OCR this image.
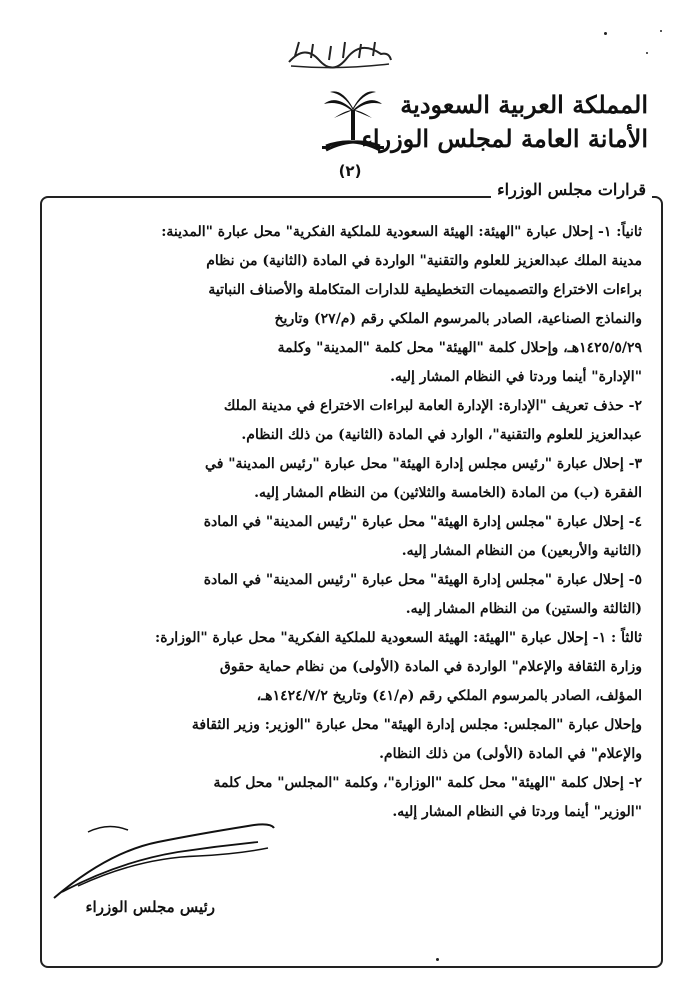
(٢)
المملكة العربية السعودية
الأمانة العامة لمجلس الوزراء
قرارات مجلس الوزراء
ثانياً: ١- إحلال عبارة "الهيئة: الهيئة السعودية للملكية الفكرية" محل عبارة "المدينة:
مدينة الملك عبدالعزيز للعلوم والتقنية" الواردة في المادة (الثانية) من نظام
براءات الاختراع والتصميمات التخطيطية للدارات المتكاملة والأصناف النباتية
والنماذج الصناعية، الصادر بالمرسوم الملكي رقم (م/٢٧) وتاريخ
١٤٢٥/٥/٢٩هـ، وإحلال كلمة "الهيئة" محل كلمة "المدينة" وكلمة
"الإدارة" أينما وردتا في النظام المشار إليه.
٢- حذف تعريف "الإدارة: الإدارة العامة لبراءات الاختراع في مدينة الملك
عبدالعزيز للعلوم والتقنية"، الوارد في المادة (الثانية) من ذلك النظام.
٣- إحلال عبارة "رئيس مجلس إدارة الهيئة" محل عبارة "رئيس المدينة" في
الفقرة (ب) من المادة (الخامسة والثلاثين) من النظام المشار إليه.
٤- إحلال عبارة "مجلس إدارة الهيئة" محل عبارة "رئيس المدينة" في المادة
(الثانية والأربعين) من النظام المشار إليه.
٥- إحلال عبارة "مجلس إدارة الهيئة" محل عبارة "رئيس المدينة" في المادة
(الثالثة والستين) من النظام المشار إليه.
ثالثاً : ١- إحلال عبارة "الهيئة: الهيئة السعودية للملكية الفكرية" محل عبارة "الوزارة:
وزارة الثقافة والإعلام" الواردة في المادة (الأولى) من نظام حماية حقوق
المؤلف، الصادر بالمرسوم الملكي رقم (م/٤١) وتاريخ ١٤٢٤/٧/٢هـ،
وإحلال عبارة "المجلس: مجلس إدارة الهيئة" محل عبارة "الوزير: وزير الثقافة
والإعلام" في المادة (الأولى) من ذلك النظام.
٢- إحلال كلمة "الهيئة" محل كلمة "الوزارة"، وكلمة "المجلس" محل كلمة
"الوزير" أينما وردتا في النظام المشار إليه.
رئيس مجلس الوزراء
